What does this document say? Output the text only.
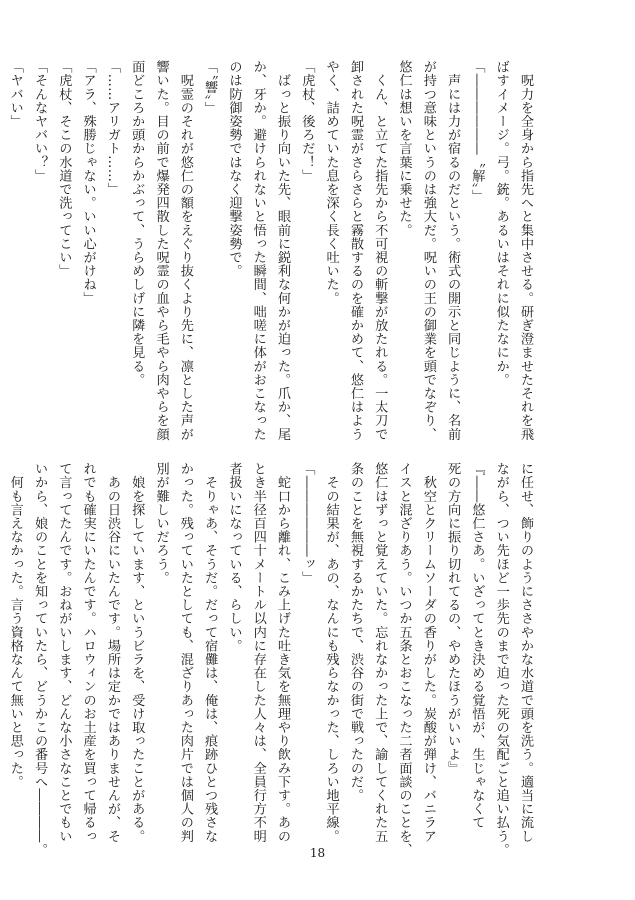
　呪力を全身から指先へと集中させる。研ぎ澄ませたそれを飛
ばすイメージ。弓。銃。あるいはそれに似たなにか。
「――――――〝解〟」
　声には力が宿るのだという。術式の開示と同じように、名前
が持つ意味というのは強大だ。呪いの王の御業を頭でなぞり、
悠仁は想いを言葉に乗せた。
　くん、と立てた指先から不可視の斬撃が放たれる。一太刀で
卸された呪霊がさらさらと霧散するのを確かめて、悠仁はよう
やく、詰めていた息を深く長く吐いた。
「虎杖、後ろだ！」
　ばっと振り向いた先、眼前に鋭利な何かが迫った。爪か、尾
か、牙か。避けられないと悟った瞬間、咄嗟に体がおこなった
のは防御姿勢ではなく迎撃姿勢で。
「〝響〟」
　呪霊のそれが悠仁の額をえぐり抜くより先に、凛とした声が
響いた。目の前で爆発四散した呪霊の血やら毛やら肉やらを顔
面どころか頭からかぶって、うらめしげに隣を見る。
「……アリガト……」
「アラ、殊勝じゃない。いい心がけね」
「虎杖、そこの水道で洗ってこい」
「そんなヤバい？」
「ヤバい」
に任せ、飾りのようにささやかな水道で頭を洗う。適当に流し
ながら、つい先ほど一歩先のまで迫った死の気配ごと追い払う。
『――悠仁さあ。いざってとき決める覚悟が、生じゃなくて
死の方向に振り切れてるの、やめたほうがいいよ』
　秋空とクリームソーダの香りがした。炭酸が弾け、バニラア
イスと混ざりあう。いつか五条とおこなった二者面談のことを、
悠仁はずっと覚えていた。忘れなかった上で、諭してくれた五
条のことを無視するかたちで、渋谷の街で戦ったのだ。
　その結果が、あの、なんにも残らなかった、しろい地平線。
「――――――ッ」
　蛇口から離れ、こみ上げた吐き気を無理やり飲み下す。あの
とき半径百四十メートル以内に存在した人々は、全員行方不明
者扱いになっている、らしい。
　そりゃあ、そうだ。だって宿儺は、俺は、痕跡ひとつ残さな
かった。残っていたとしても、混ざりあった肉片では個人の判
別が難しいだろう。
　娘を探しています、というビラを、受け取ったことがある。
　あの日渋谷にいたんです。場所は定かではありませんが、そ
れでも確実にいたんです。ハロウィンのお土産を買って帰るっ
て言ってたんです。おねがいします、どんな小さなことでもい
いから、娘のことを知っていたら、どうかこの番号へ――――。
　何も言えなかった。言う資格なんて無いと思った。
18
